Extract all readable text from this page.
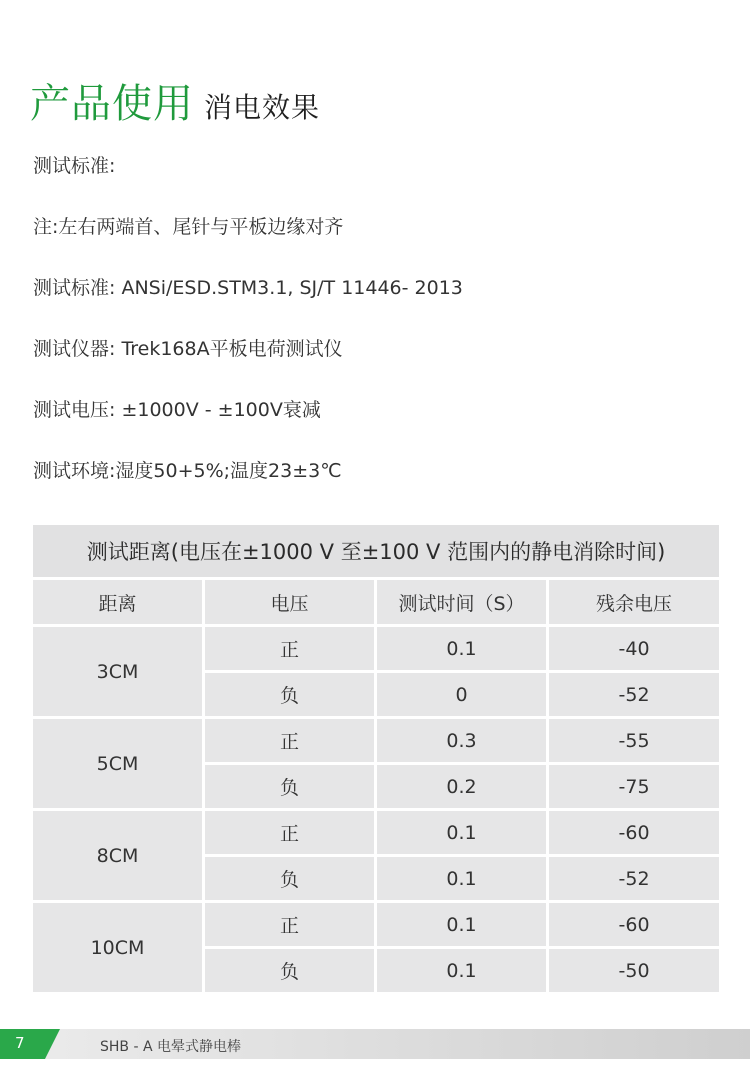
产品使用 消电效果
测试标准:
注:左右两端首、尾针与平板边缘对齐
测试标准: ANSi/ESD.STM3.1, SJ/T 11446- 2013
测试仪器: Trek168A平板电荷测试仪
测试电压: ±1000V - ±100V衰减
测试环境:湿度50+5%;温度23±3℃
测试距离(电压在±1000 V 至±100 V 范围内的静电消除时间)			
距离	电压	测试时间（S）	残余电压
3CM	正	0.1	-40
	负	0	-52
5CM	正	0.3	-55
	负	0.2	-75
8CM	正	0.1	-60
	负	0.1	-52
10CM	正	0.1	-60
	负	0.1	-50
7	SHB - A 电晕式静电棒
